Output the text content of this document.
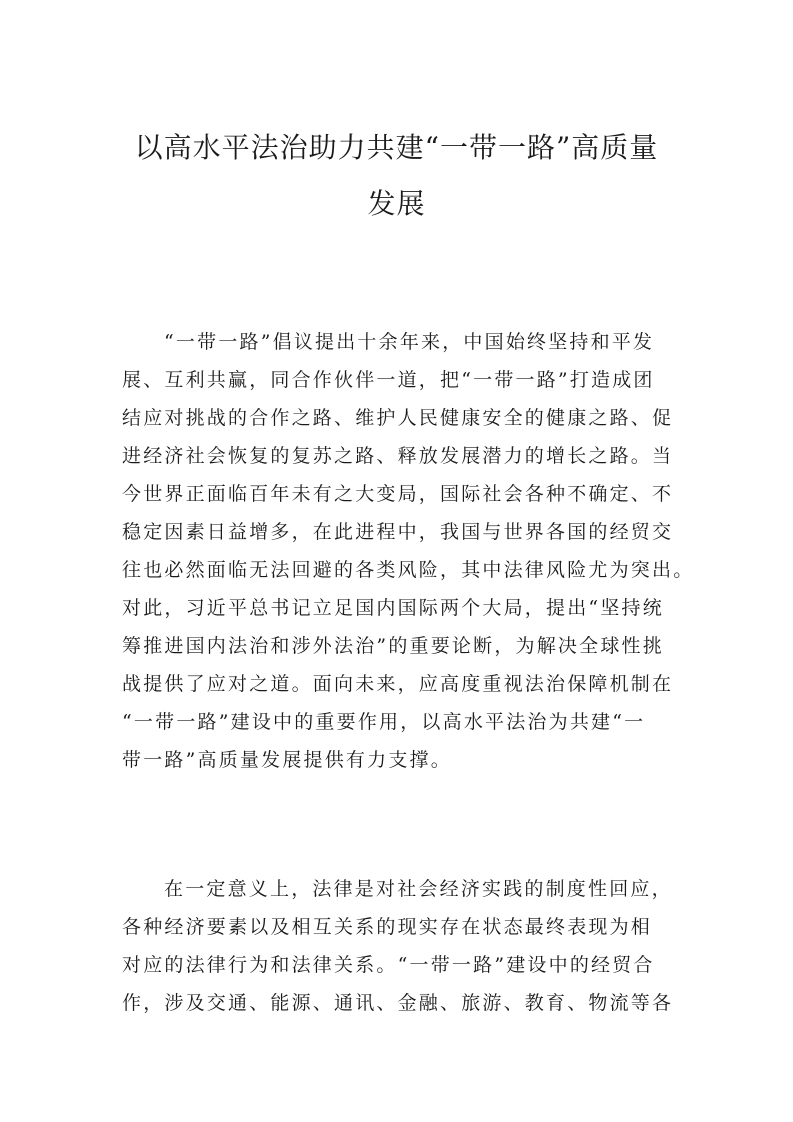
以高水平法治助力共建“一带一路”高质量
发展

“一带一路”倡议提出十余年来，中国始终坚持和平发
展、互利共赢，同合作伙伴一道，把“一带一路”打造成团
结应对挑战的合作之路、维护人民健康安全的健康之路、促
进经济社会恢复的复苏之路、释放发展潜力的增长之路。当
今世界正面临百年未有之大变局，国际社会各种不确定、不
稳定因素日益增多，在此进程中，我国与世界各国的经贸交
往也必然面临无法回避的各类风险，其中法律风险尤为突出。
对此，习近平总书记立足国内国际两个大局，提出“坚持统
筹推进国内法治和涉外法治”的重要论断，为解决全球性挑
战提供了应对之道。面向未来，应高度重视法治保障机制在
“一带一路”建设中的重要作用，以高水平法治为共建“一
带一路”高质量发展提供有力支撑。

在一定意义上，法律是对社会经济实践的制度性回应，
各种经济要素以及相互关系的现实存在状态最终表现为相
对应的法律行为和法律关系。“一带一路”建设中的经贸合
作，涉及交通、能源、通讯、金融、旅游、教育、物流等各
